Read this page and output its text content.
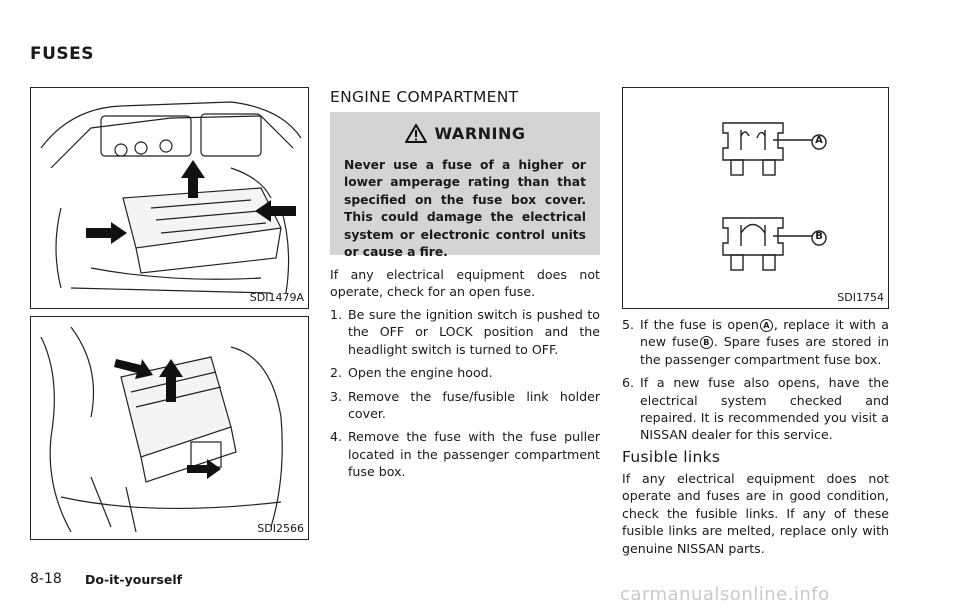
FUSES
SDI1479A
SDI2566
ENGINE COMPARTMENT
WARNING
Never use a fuse of a higher or lower amperage rating than that specified on the fuse box cover. This could damage the electrical system or electronic control units or cause a fire.
If any electrical equipment does not operate, check for an open fuse.
1. Be sure the ignition switch is pushed to the OFF or LOCK position and the headlight switch is turned to OFF.
2. Open the engine hood.
3. Remove the fuse/fusible link holder cover.
4. Remove the fuse with the fuse puller located in the passenger compartment fuse box.
A
B
SDI1754
5. If the fuse is open A , replace it with a new fuse B . Spare fuses are stored in the passenger compartment fuse box.
6. If a new fuse also opens, have the electrical system checked and repaired. It is recommended you visit a NISSAN dealer for this service.
Fusible links
If any electrical equipment does not operate and fuses are in good condition, check the fusible links. If any of these fusible links are melted, replace only with genuine NISSAN parts.
8-18 Do-it-yourself
carmanualsonline.info
